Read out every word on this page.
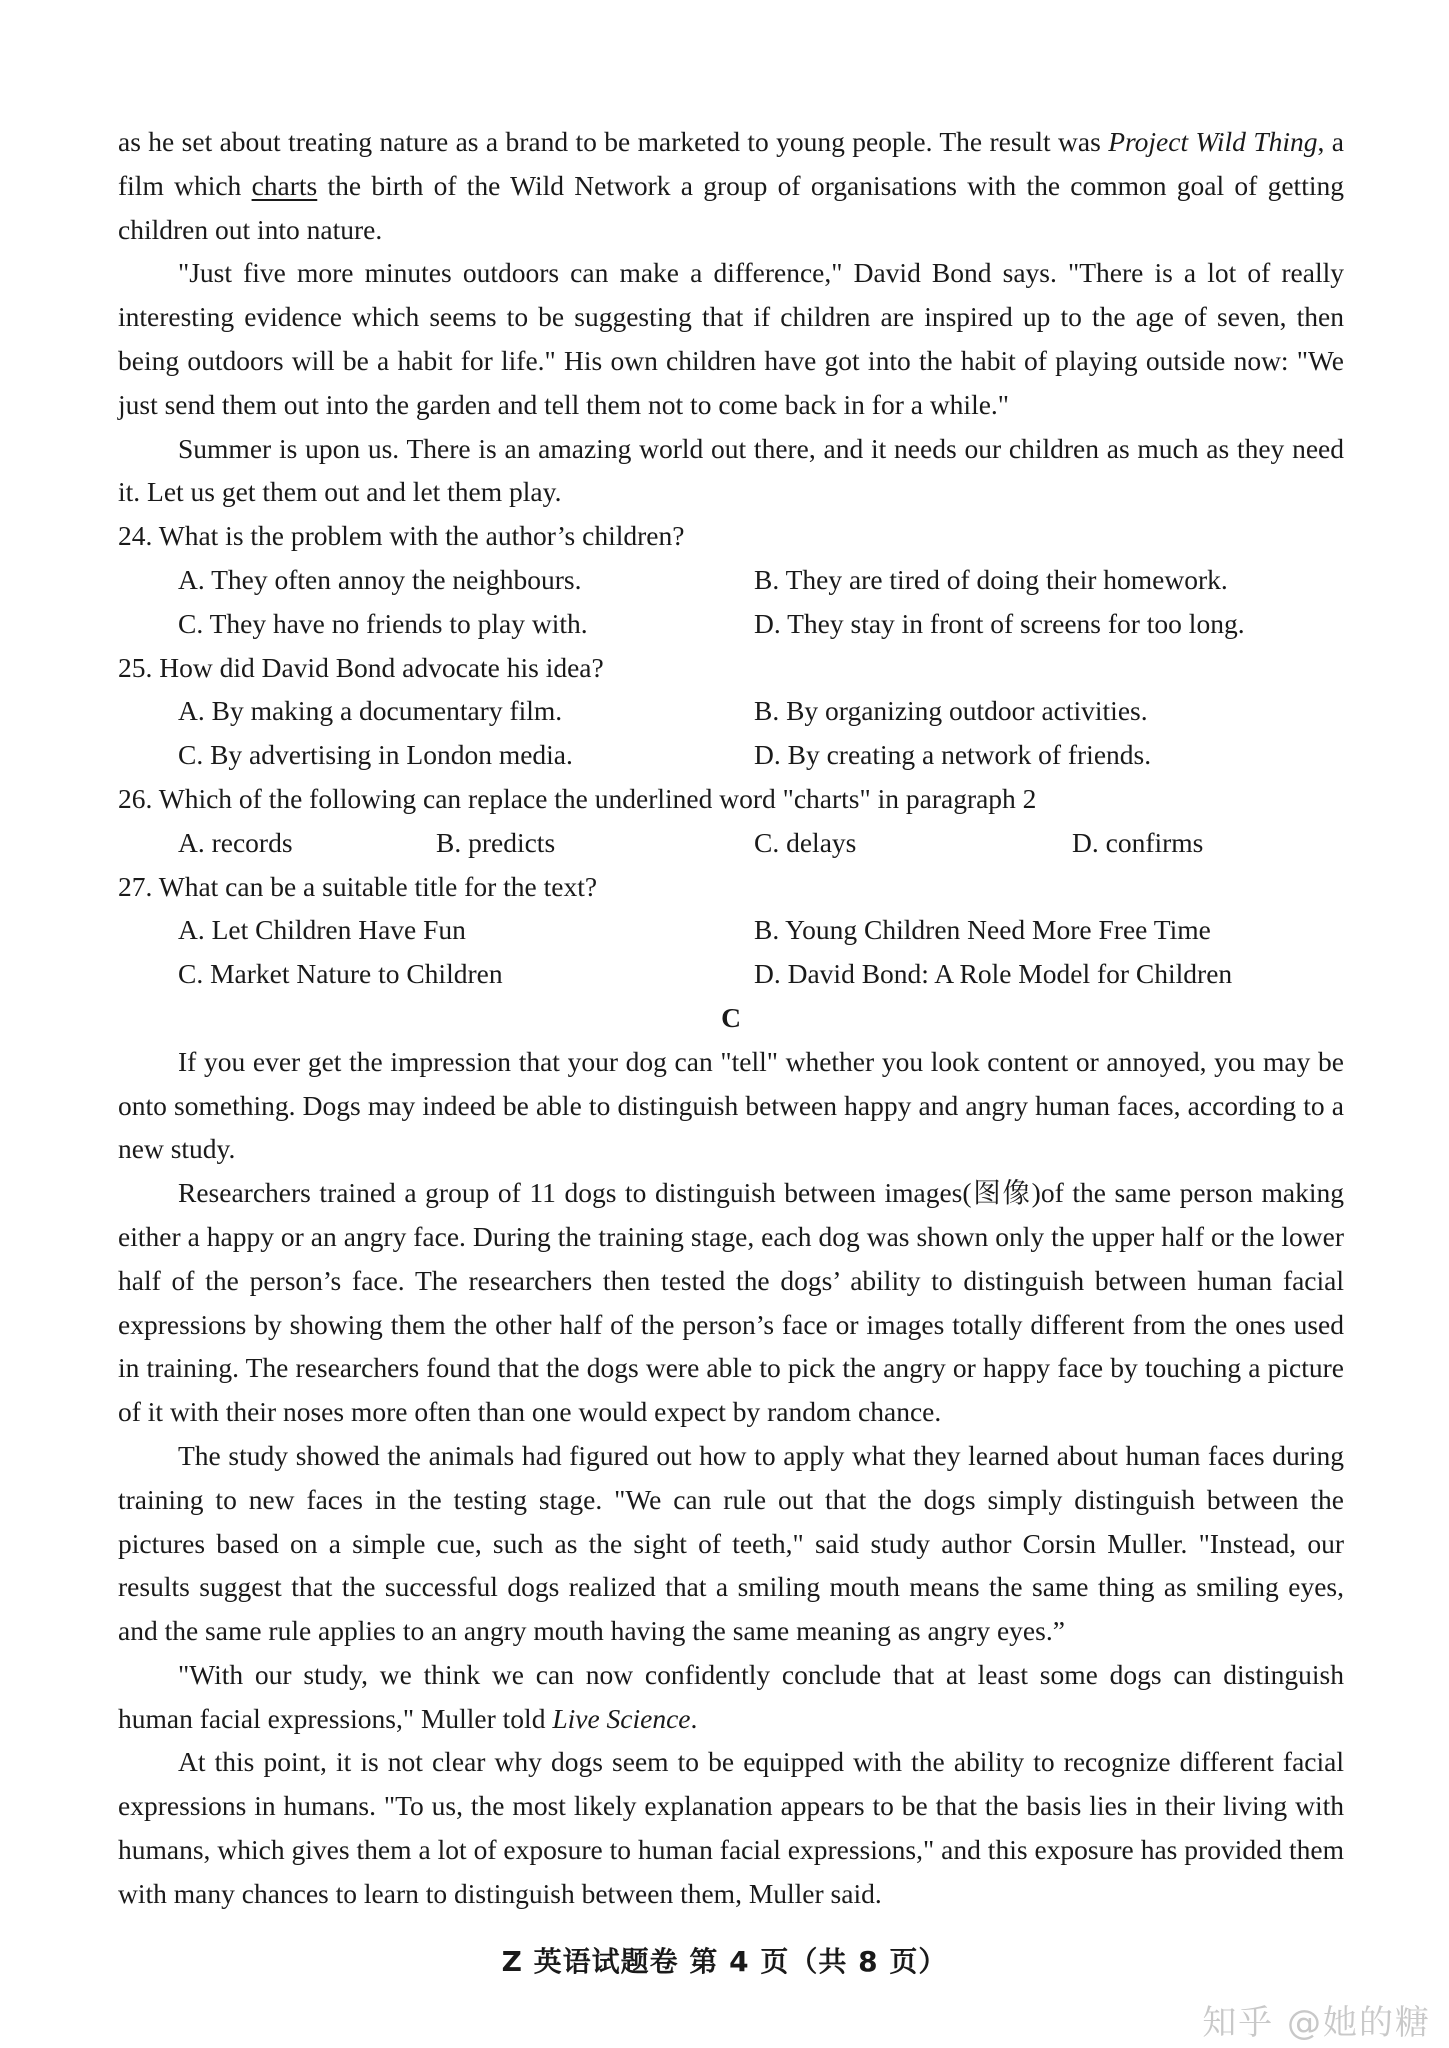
as he set about treating nature as a brand to be marketed to young people. The result was Project Wild Thing, a film which charts the birth of the Wild Network a group of organisations with the common goal of getting children out into nature.

"Just five more minutes outdoors can make a difference," David Bond says. "There is a lot of really interesting evidence which seems to be suggesting that if children are inspired up to the age of seven, then being outdoors will be a habit for life." His own children have got into the habit of playing outside now: "We just send them out into the garden and tell them not to come back in for a while."

Summer is upon us. There is an amazing world out there, and it needs our children as much as they need it. Let us get them out and let them play.

24. What is the problem with the author’s children?

A. They often annoy the neighbours.	B. They are tired of doing their homework.
C. They have no friends to play with.	D. They stay in front of screens for too long.

25. How did David Bond advocate his idea?

A. By making a documentary film.	B. By organizing outdoor activities.
C. By advertising in London media.	D. By creating a network of friends.

26. Which of the following can replace the underlined word "charts" in paragraph 2

A. records	B. predicts	C. delays	D. confirms

27. What can be a suitable title for the text?

A. Let Children Have Fun	B. Young Children Need More Free Time
C. Market Nature to Children	D. David Bond: A Role Model for Children

C

If you ever get the impression that your dog can "tell" whether you look content or annoyed, you may be onto something. Dogs may indeed be able to distinguish between happy and angry human faces, according to a new study.

Researchers trained a group of 11 dogs to distinguish between images(图像)of the same person making either a happy or an angry face. During the training stage, each dog was shown only the upper half or the lower half of the person’s face. The researchers then tested the dogs’ ability to distinguish between human facial expressions by showing them the other half of the person’s face or images totally different from the ones used in training. The researchers found that the dogs were able to pick the angry or happy face by touching a picture of it with their noses more often than one would expect by random chance.

The study showed the animals had figured out how to apply what they learned about human faces during training to new faces in the testing stage. "We can rule out that the dogs simply distinguish between the pictures based on a simple cue, such as the sight of teeth," said study author Corsin Muller. "Instead, our results suggest that the successful dogs realized that a smiling mouth means the same thing as smiling eyes, and the same rule applies to an angry mouth having the same meaning as angry eyes.”

"With our study, we think we can now confidently conclude that at least some dogs can distinguish human facial expressions," Muller told Live Science.

At this point, it is not clear why dogs seem to be equipped with the ability to recognize different facial expressions in humans. "To us, the most likely explanation appears to be that the basis lies in their living with humans, which gives them a lot of exposure to human facial expressions," and this exposure has provided them with many chances to learn to distinguish between them, Muller said.

Z 英语试题卷 第 4 页（共 8 页）
知乎 @她的糖
